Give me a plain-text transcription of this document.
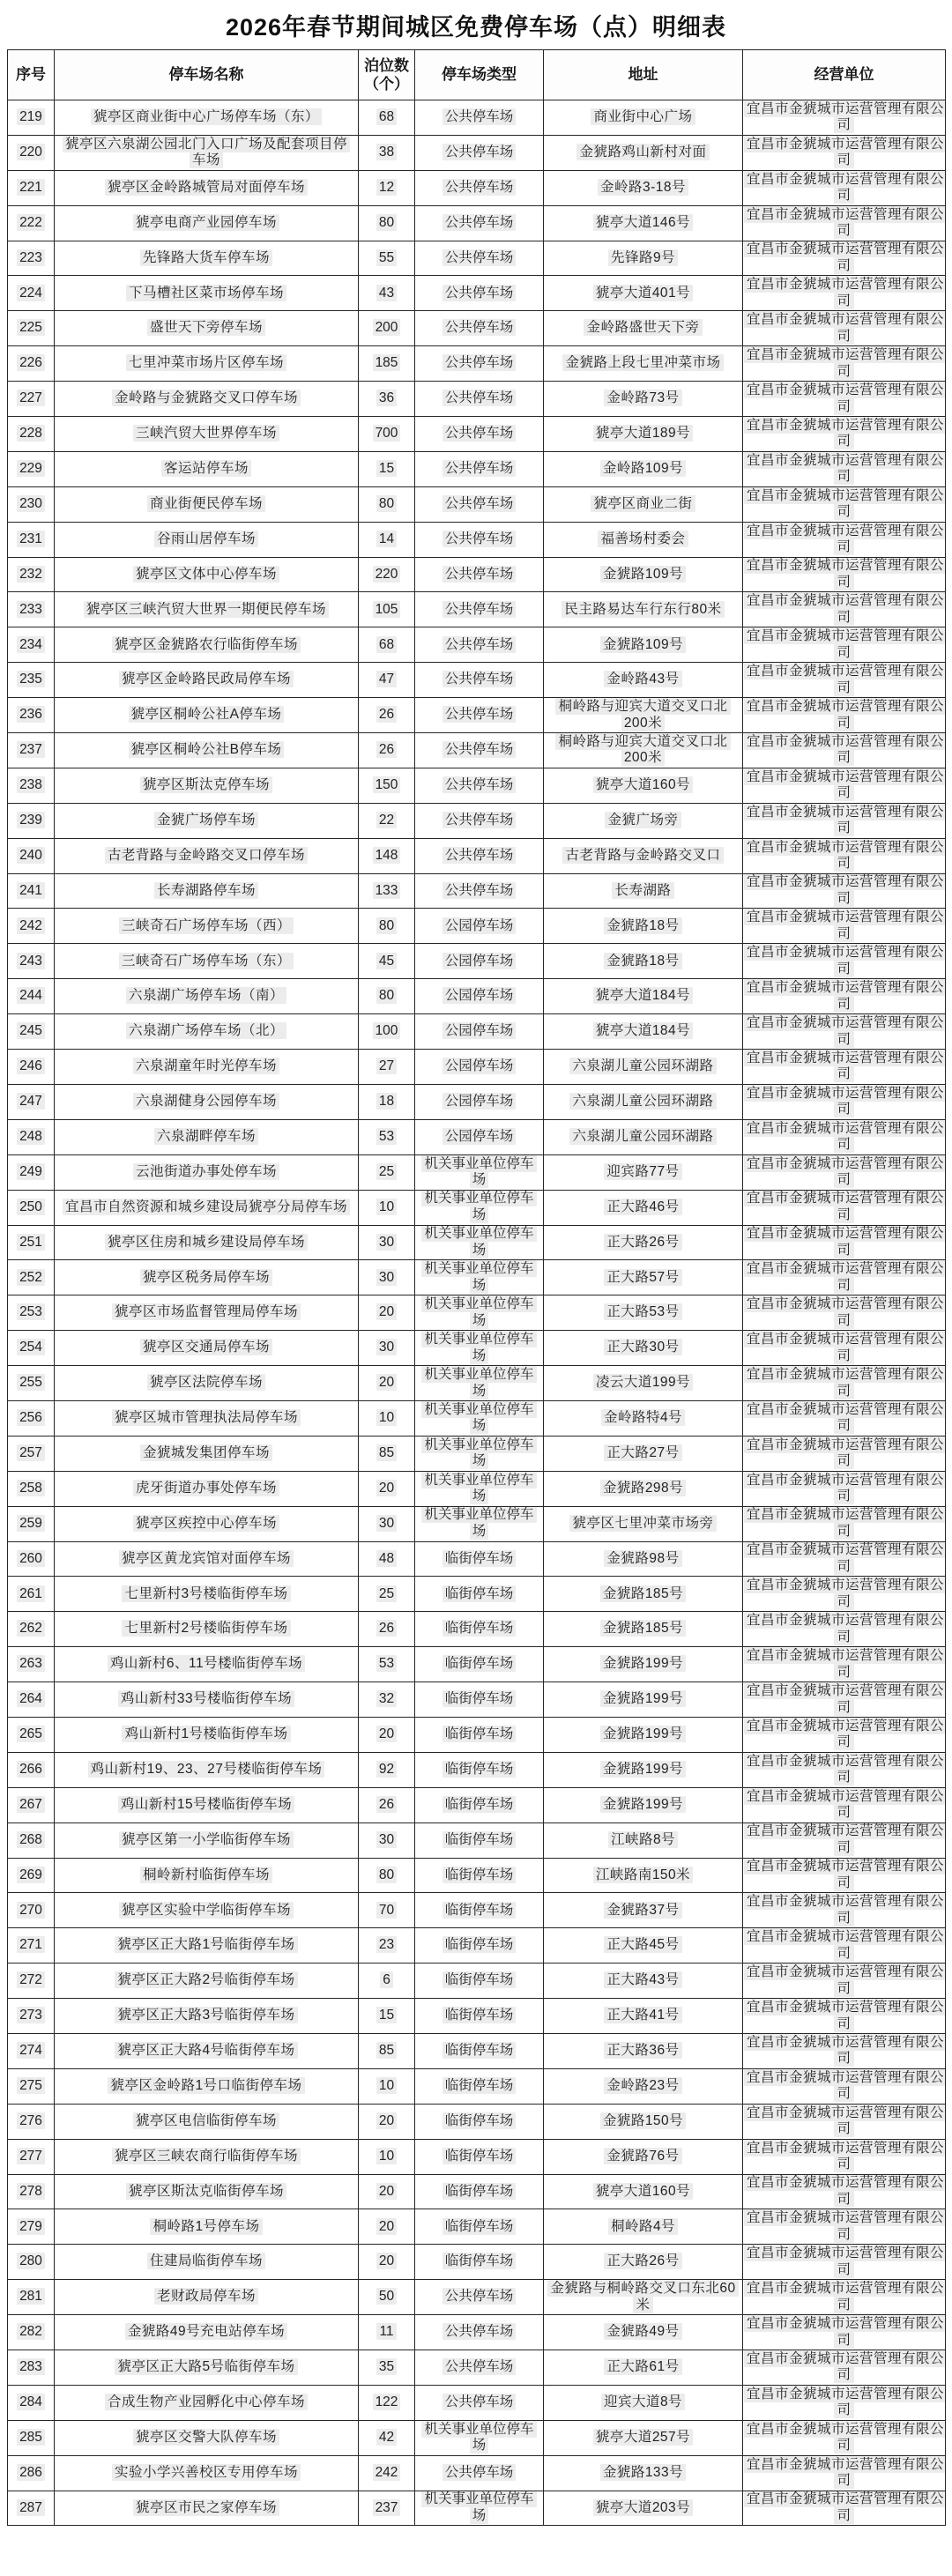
2026年春节期间城区免费停车场（点）明细表
序号	停车场名称	泊位数（个）	停车场类型	地址	经营单位
219	猇亭区商业街中心广场停车场（东）	68	公共停车场	商业街中心广场	宜昌市金猇城市运营管理有限公司
220	猇亭区六泉湖公园北门入口广场及配套项目停车场	38	公共停车场	金猇路鸡山新村对面	宜昌市金猇城市运营管理有限公司
221	猇亭区金岭路城管局对面停车场	12	公共停车场	金岭路3-18号	宜昌市金猇城市运营管理有限公司
222	猇亭电商产业园停车场	80	公共停车场	猇亭大道146号	宜昌市金猇城市运营管理有限公司
223	先锋路大货车停车场	55	公共停车场	先锋路9号	宜昌市金猇城市运营管理有限公司
224	下马槽社区菜市场停车场	43	公共停车场	猇亭大道401号	宜昌市金猇城市运营管理有限公司
225	盛世天下旁停车场	200	公共停车场	金岭路盛世天下旁	宜昌市金猇城市运营管理有限公司
226	七里冲菜市场片区停车场	185	公共停车场	金猇路上段七里冲菜市场	宜昌市金猇城市运营管理有限公司
227	金岭路与金猇路交叉口停车场	36	公共停车场	金岭路73号	宜昌市金猇城市运营管理有限公司
228	三峡汽贸大世界停车场	700	公共停车场	猇亭大道189号	宜昌市金猇城市运营管理有限公司
229	客运站停车场	15	公共停车场	金岭路109号	宜昌市金猇城市运营管理有限公司
230	商业街便民停车场	80	公共停车场	猇亭区商业二街	宜昌市金猇城市运营管理有限公司
231	谷雨山居停车场	14	公共停车场	福善场村委会	宜昌市金猇城市运营管理有限公司
232	猇亭区文体中心停车场	220	公共停车场	金猇路109号	宜昌市金猇城市运营管理有限公司
233	猇亭区三峡汽贸大世界一期便民停车场	105	公共停车场	民主路易达车行东行80米	宜昌市金猇城市运营管理有限公司
234	猇亭区金猇路农行临街停车场	68	公共停车场	金猇路109号	宜昌市金猇城市运营管理有限公司
235	猇亭区金岭路民政局停车场	47	公共停车场	金岭路43号	宜昌市金猇城市运营管理有限公司
236	猇亭区桐岭公社A停车场	26	公共停车场	桐岭路与迎宾大道交叉口北200米	宜昌市金猇城市运营管理有限公司
237	猇亭区桐岭公社B停车场	26	公共停车场	桐岭路与迎宾大道交叉口北200米	宜昌市金猇城市运营管理有限公司
238	猇亭区斯汰克停车场	150	公共停车场	猇亭大道160号	宜昌市金猇城市运营管理有限公司
239	金猇广场停车场	22	公共停车场	金猇广场旁	宜昌市金猇城市运营管理有限公司
240	古老背路与金岭路交叉口停车场	148	公共停车场	古老背路与金岭路交叉口	宜昌市金猇城市运营管理有限公司
241	长寿湖路停车场	133	公共停车场	长寿湖路	宜昌市金猇城市运营管理有限公司
242	三峡奇石广场停车场（西）	80	公园停车场	金猇路18号	宜昌市金猇城市运营管理有限公司
243	三峡奇石广场停车场（东）	45	公园停车场	金猇路18号	宜昌市金猇城市运营管理有限公司
244	六泉湖广场停车场（南）	80	公园停车场	猇亭大道184号	宜昌市金猇城市运营管理有限公司
245	六泉湖广场停车场（北）	100	公园停车场	猇亭大道184号	宜昌市金猇城市运营管理有限公司
246	六泉湖童年时光停车场	27	公园停车场	六泉湖儿童公园环湖路	宜昌市金猇城市运营管理有限公司
247	六泉湖健身公园停车场	18	公园停车场	六泉湖儿童公园环湖路	宜昌市金猇城市运营管理有限公司
248	六泉湖畔停车场	53	公园停车场	六泉湖儿童公园环湖路	宜昌市金猇城市运营管理有限公司
249	云池街道办事处停车场	25	机关事业单位停车场	迎宾路77号	宜昌市金猇城市运营管理有限公司
250	宜昌市自然资源和城乡建设局猇亭分局停车场	10	机关事业单位停车场	正大路46号	宜昌市金猇城市运营管理有限公司
251	猇亭区住房和城乡建设局停车场	30	机关事业单位停车场	正大路26号	宜昌市金猇城市运营管理有限公司
252	猇亭区税务局停车场	30	机关事业单位停车场	正大路57号	宜昌市金猇城市运营管理有限公司
253	猇亭区市场监督管理局停车场	20	机关事业单位停车场	正大路53号	宜昌市金猇城市运营管理有限公司
254	猇亭区交通局停车场	30	机关事业单位停车场	正大路30号	宜昌市金猇城市运营管理有限公司
255	猇亭区法院停车场	20	机关事业单位停车场	凌云大道199号	宜昌市金猇城市运营管理有限公司
256	猇亭区城市管理执法局停车场	10	机关事业单位停车场	金岭路特4号	宜昌市金猇城市运营管理有限公司
257	金猇城发集团停车场	85	机关事业单位停车场	正大路27号	宜昌市金猇城市运营管理有限公司
258	虎牙街道办事处停车场	20	机关事业单位停车场	金猇路298号	宜昌市金猇城市运营管理有限公司
259	猇亭区疾控中心停车场	30	机关事业单位停车场	猇亭区七里冲菜市场旁	宜昌市金猇城市运营管理有限公司
260	猇亭区黄龙宾馆对面停车场	48	临街停车场	金猇路98号	宜昌市金猇城市运营管理有限公司
261	七里新村3号楼临街停车场	25	临街停车场	金猇路185号	宜昌市金猇城市运营管理有限公司
262	七里新村2号楼临街停车场	26	临街停车场	金猇路185号	宜昌市金猇城市运营管理有限公司
263	鸡山新村6、11号楼临街停车场	53	临街停车场	金猇路199号	宜昌市金猇城市运营管理有限公司
264	鸡山新村33号楼临街停车场	32	临街停车场	金猇路199号	宜昌市金猇城市运营管理有限公司
265	鸡山新村1号楼临街停车场	20	临街停车场	金猇路199号	宜昌市金猇城市运营管理有限公司
266	鸡山新村19、23、27号楼临街停车场	92	临街停车场	金猇路199号	宜昌市金猇城市运营管理有限公司
267	鸡山新村15号楼临街停车场	26	临街停车场	金猇路199号	宜昌市金猇城市运营管理有限公司
268	猇亭区第一小学临街停车场	30	临街停车场	江峡路8号	宜昌市金猇城市运营管理有限公司
269	桐岭新村临街停车场	80	临街停车场	江峡路南150米	宜昌市金猇城市运营管理有限公司
270	猇亭区实验中学临街停车场	70	临街停车场	金猇路37号	宜昌市金猇城市运营管理有限公司
271	猇亭区正大路1号临街停车场	23	临街停车场	正大路45号	宜昌市金猇城市运营管理有限公司
272	猇亭区正大路2号临街停车场	6	临街停车场	正大路43号	宜昌市金猇城市运营管理有限公司
273	猇亭区正大路3号临街停车场	15	临街停车场	正大路41号	宜昌市金猇城市运营管理有限公司
274	猇亭区正大路4号临街停车场	85	临街停车场	正大路36号	宜昌市金猇城市运营管理有限公司
275	猇亭区金岭路1号口临街停车场	10	临街停车场	金岭路23号	宜昌市金猇城市运营管理有限公司
276	猇亭区电信临街停车场	20	临街停车场	金猇路150号	宜昌市金猇城市运营管理有限公司
277	猇亭区三峡农商行临街停车场	10	临街停车场	金猇路76号	宜昌市金猇城市运营管理有限公司
278	猇亭区斯汰克临街停车场	20	临街停车场	猇亭大道160号	宜昌市金猇城市运营管理有限公司
279	桐岭路1号停车场	20	临街停车场	桐岭路4号	宜昌市金猇城市运营管理有限公司
280	住建局临街停车场	20	临街停车场	正大路26号	宜昌市金猇城市运营管理有限公司
281	老财政局停车场	50	公共停车场	金猇路与桐岭路交叉口东北60米	宜昌市金猇城市运营管理有限公司
282	金猇路49号充电站停车场	11	公共停车场	金猇路49号	宜昌市金猇城市运营管理有限公司
283	猇亭区正大路5号临街停车场	35	公共停车场	正大路61号	宜昌市金猇城市运营管理有限公司
284	合成生物产业园孵化中心停车场	122	公共停车场	迎宾大道8号	宜昌市金猇城市运营管理有限公司
285	猇亭区交警大队停车场	42	机关事业单位停车场	猇亭大道257号	宜昌市金猇城市运营管理有限公司
286	实验小学兴善校区专用停车场	242	公共停车场	金猇路133号	宜昌市金猇城市运营管理有限公司
287	猇亭区市民之家停车场	237	机关事业单位停车场	猇亭大道203号	宜昌市金猇城市运营管理有限公司
